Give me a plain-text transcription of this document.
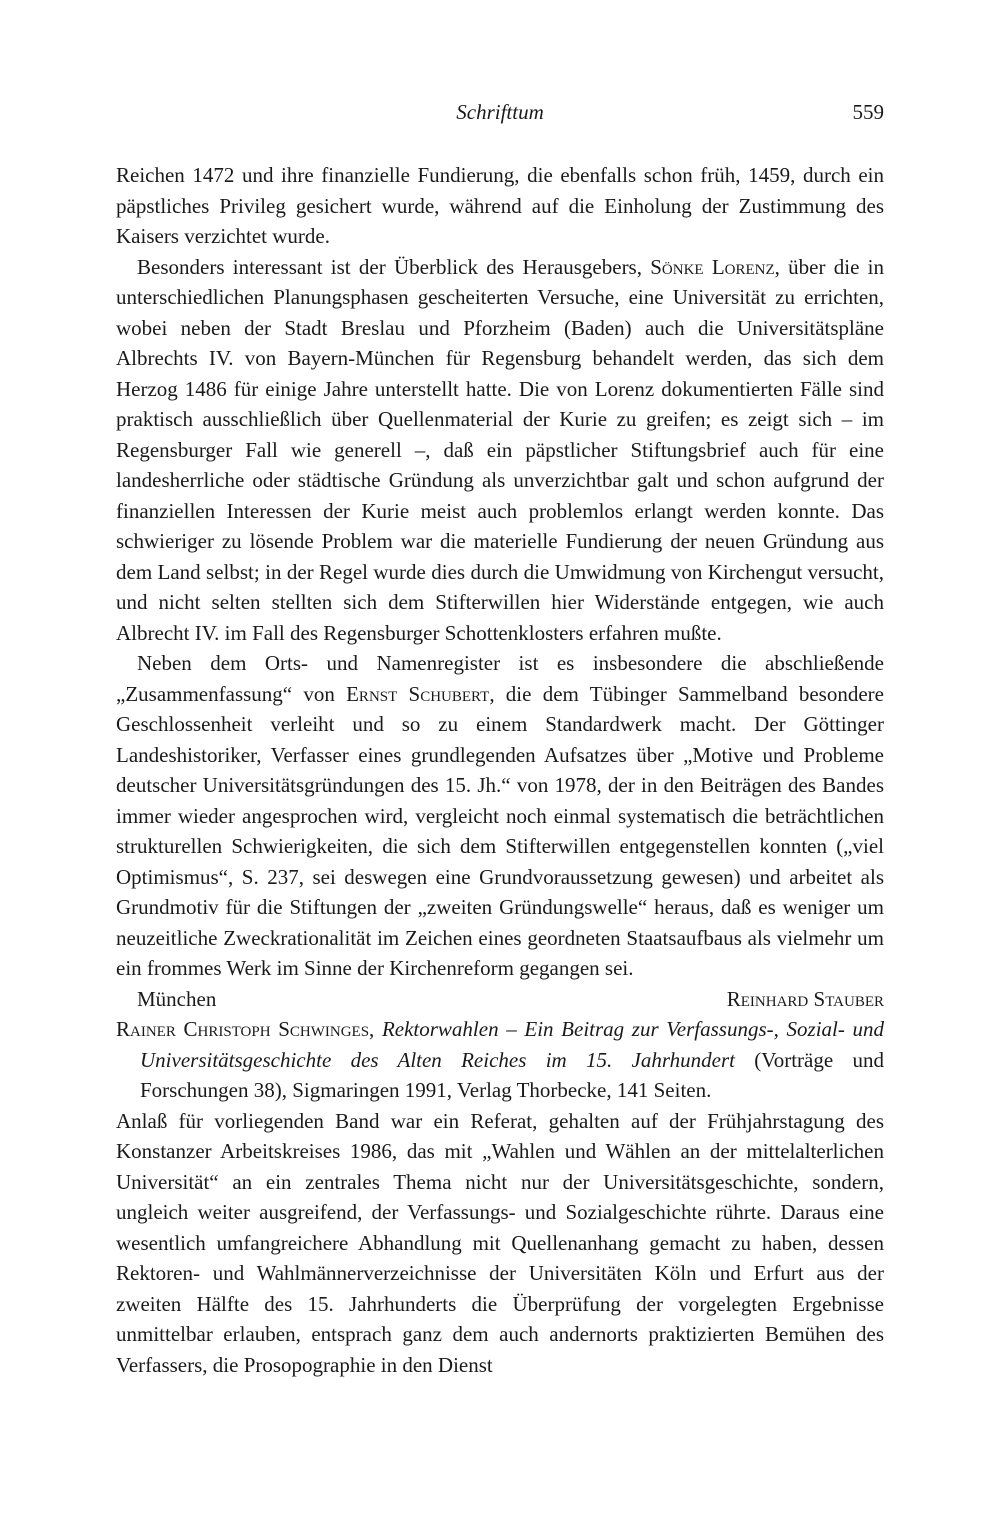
Schrifttum	559

Reichen 1472 und ihre finanzielle Fundierung, die ebenfalls schon früh, 1459, durch ein päpstliches Privileg gesichert wurde, während auf die Einholung der Zustimmung des Kaisers verzichtet wurde.

Besonders interessant ist der Überblick des Herausgebers, Sönke Lorenz, über die in unterschiedlichen Planungsphasen gescheiterten Versuche, eine Universität zu errichten, wobei neben der Stadt Breslau und Pforzheim (Baden) auch die Universitätspläne Albrechts IV. von Bayern-München für Regensburg behandelt werden, das sich dem Herzog 1486 für einige Jahre unterstellt hatte. Die von Lorenz dokumentierten Fälle sind praktisch ausschließlich über Quellenmaterial der Kurie zu greifen; es zeigt sich – im Regensburger Fall wie generell –, daß ein päpstlicher Stiftungsbrief auch für eine landesherrliche oder städtische Gründung als unverzichtbar galt und schon aufgrund der finanziellen Interessen der Kurie meist auch problemlos erlangt werden konnte. Das schwieriger zu lösende Problem war die materielle Fundierung der neuen Gründung aus dem Land selbst; in der Regel wurde dies durch die Umwidmung von Kirchengut versucht, und nicht selten stellten sich dem Stifterwillen hier Widerstände entgegen, wie auch Albrecht IV. im Fall des Regensburger Schottenklosters erfahren mußte.

Neben dem Orts- und Namenregister ist es insbesondere die abschließende „Zusammenfassung“ von Ernst Schubert, die dem Tübinger Sammelband besondere Geschlossenheit verleiht und so zu einem Standardwerk macht. Der Göttinger Landeshistoriker, Verfasser eines grundlegenden Aufsatzes über „Motive und Probleme deutscher Universitätsgründungen des 15. Jh.“ von 1978, der in den Beiträgen des Bandes immer wieder angesprochen wird, vergleicht noch einmal systematisch die beträchtlichen strukturellen Schwierigkeiten, die sich dem Stifterwillen entgegenstellen konnten („viel Optimismus“, S. 237, sei deswegen eine Grundvoraussetzung gewesen) und arbeitet als Grundmotiv für die Stiftungen der „zweiten Gründungswelle“ heraus, daß es weniger um neuzeitliche Zweckrationalität im Zeichen eines geordneten Staatsaufbaus als vielmehr um ein frommes Werk im Sinne der Kirchenreform gegangen sei.

München	Reinhard Stauber

Rainer Christoph Schwinges, Rektorwahlen – Ein Beitrag zur Verfassungs-, Sozial- und Universitätsgeschichte des Alten Reiches im 15. Jahrhundert (Vorträge und Forschungen 38), Sigmaringen 1991, Verlag Thorbecke, 141 Seiten.

Anlaß für vorliegenden Band war ein Referat, gehalten auf der Frühjahrstagung des Konstanzer Arbeitskreises 1986, das mit „Wahlen und Wählen an der mittelalterlichen Universität“ an ein zentrales Thema nicht nur der Universitätsgeschichte, sondern, ungleich weiter ausgreifend, der Verfassungs- und Sozialgeschichte rührte. Daraus eine wesentlich umfangreichere Abhandlung mit Quellenanhang gemacht zu haben, dessen Rektoren- und Wahlmännerverzeichnisse der Universitäten Köln und Erfurt aus der zweiten Hälfte des 15. Jahrhunderts die Überprüfung der vorgelegten Ergebnisse unmittelbar erlauben, entsprach ganz dem auch andernorts praktizierten Bemühen des Verfassers, die Prosopographie in den Dienst
